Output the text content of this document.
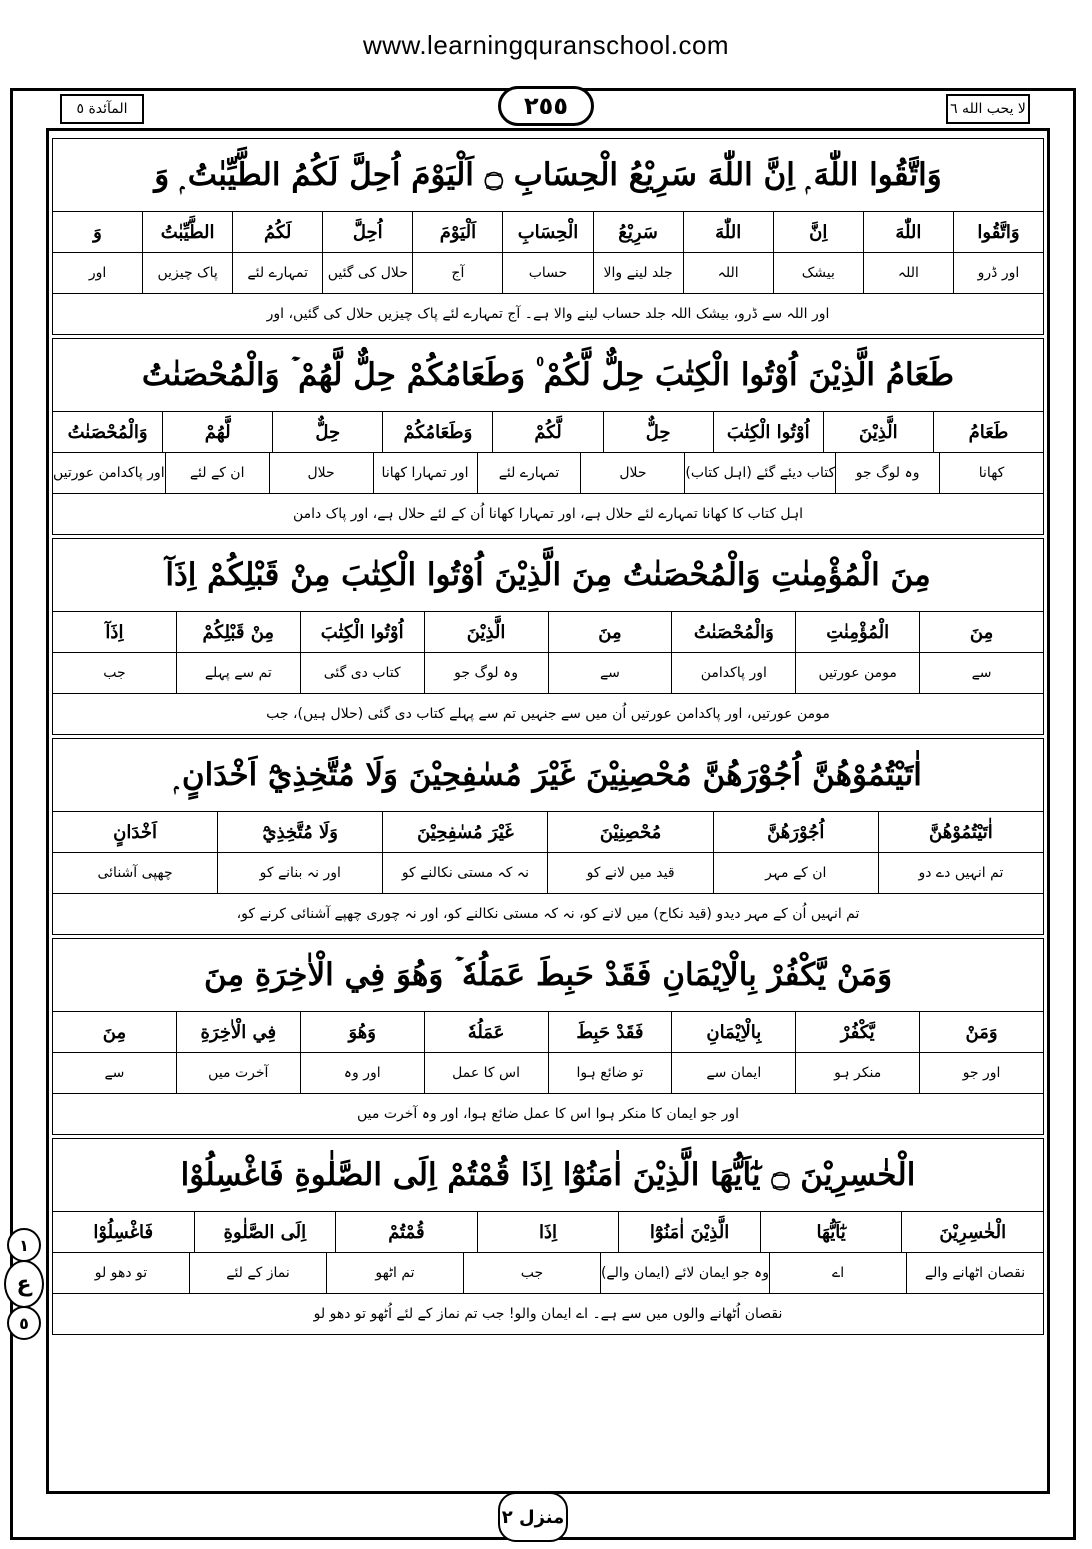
www.learningquranschool.com
المآئدة ٥	٢٥٥	لا يحب الله ٦
وَاتَّقُوا اللّٰهَ ۭ اِنَّ اللّٰهَ سَرِيْعُ الْحِسَابِ ۝ اَلْيَوْمَ اُحِلَّ لَكُمُ الطَّيِّبٰتُ ۭ وَ
وَاتَّقُوا
اللّٰهَ
اِنَّ
اللّٰهَ
سَرِيْعُ
الْحِسَابِ
اَلْيَوْمَ
اُحِلَّ
لَكُمُ
الطَّيِّبٰتُ
وَ
اور ڈرو
اللہ
بیشک
اللہ
جلد لینے والا
حساب
آج
حلال کی گئیں
تمہارے لئے
پاک چیزیں
اور
اور اللہ سے ڈرو، بیشک اللہ جلد حساب لینے والا ہے۔ آج تمہارے لئے پاک چیزیں حلال کی گئیں، اور
طَعَامُ الَّذِيْنَ اُوْتُوا الْكِتٰبَ حِلٌّ لَّكُمْ ۠ وَطَعَامُكُمْ حِلٌّ لَّهُمْ ۡ وَالْمُحْصَنٰتُ
طَعَامُ
الَّذِيْنَ
اُوْتُوا الْكِتٰبَ
حِلٌّ
لَّكُمْ
وَطَعَامُكُمْ
حِلٌّ
لَّهُمْ
وَالْمُحْصَنٰتُ
کھانا
وہ لوگ جو
کتاب دیئے گئے (اہل کتاب)
حلال
تمہارے لئے
اور تمہارا کھانا
حلال
ان کے لئے
اور پاکدامن عورتیں
اہل کتاب کا کھانا تمہارے لئے حلال ہے، اور تمہارا کھانا اُن کے لئے حلال ہے، اور پاک دامن
مِنَ الْمُؤْمِنٰتِ وَالْمُحْصَنٰتُ مِنَ الَّذِيْنَ اُوْتُوا الْكِتٰبَ مِنْ قَبْلِكُمْ اِذَآ
مِنَ
الْمُؤْمِنٰتِ
وَالْمُحْصَنٰتُ
مِنَ
الَّذِيْنَ
اُوْتُوا الْكِتٰبَ
مِنْ قَبْلِكُمْ
اِذَآ
سے
مومن عورتیں
اور پاکدامن
سے
وہ لوگ جو
کتاب دی گئی
تم سے پہلے
جب
مومن عورتیں، اور پاکدامن عورتیں اُن میں سے جنہیں تم سے پہلے کتاب دی گئی (حلال ہیں)، جب
اٰتَيْتُمُوْهُنَّ اُجُوْرَهُنَّ مُحْصِنِيْنَ غَيْرَ مُسٰفِحِيْنَ وَلَا مُتَّخِذِيْٓ اَخْدَانٍ ۭ
اٰتَيْتُمُوْهُنَّ
اُجُوْرَهُنَّ
مُحْصِنِيْنَ
غَيْرَ مُسٰفِحِيْنَ
وَلَا مُتَّخِذِيْٓ
اَخْدَانٍ
تم انہیں دے دو
ان کے مہر
قید میں لانے کو
نہ کہ مستی نکالنے کو
اور نہ بنانے کو
چھپی آشنائی
تم انہیں اُن کے مہر دیدو (قید نکاح) میں لانے کو، نہ کہ مستی نکالنے کو، اور نہ چوری چھپے آشنائی کرنے کو،
وَمَنْ يَّكْفُرْ بِالْاِيْمَانِ فَقَدْ حَبِطَ عَمَلُهٗ ۡ وَهُوَ فِي الْاٰخِرَةِ مِنَ
وَمَنْ
يَّكْفُرْ
بِالْاِيْمَانِ
فَقَدْ حَبِطَ
عَمَلُهٗ
وَهُوَ
فِي الْاٰخِرَةِ
مِنَ
اور جو
منکر ہو
ایمان سے
تو ضائع ہوا
اس کا عمل
اور وہ
آخرت میں
سے
اور جو ایمان کا منکر ہوا اس کا عمل ضائع ہوا، اور وہ آخرت میں
الْخٰسِرِيْنَ ۝ يٰٓاَيُّهَا الَّذِيْنَ اٰمَنُوْٓا اِذَا قُمْتُمْ اِلَى الصَّلٰوةِ فَاغْسِلُوْا
الْخٰسِرِيْنَ
يٰٓاَيُّهَا
الَّذِيْنَ اٰمَنُوْٓا
اِذَا
قُمْتُمْ
اِلَى الصَّلٰوةِ
فَاغْسِلُوْا
نقصان اٹھانے والے
اے
وہ جو ایمان لائے (ایمان والے)
جب
تم اٹھو
نماز کے لئے
تو دھو لو
نقصان اُٹھانے والوں میں سے ہے۔ اے ایمان والو! جب تم نماز کے لئے اُٹھو تو دھو لو
١
ع
٥
منزل ٢
